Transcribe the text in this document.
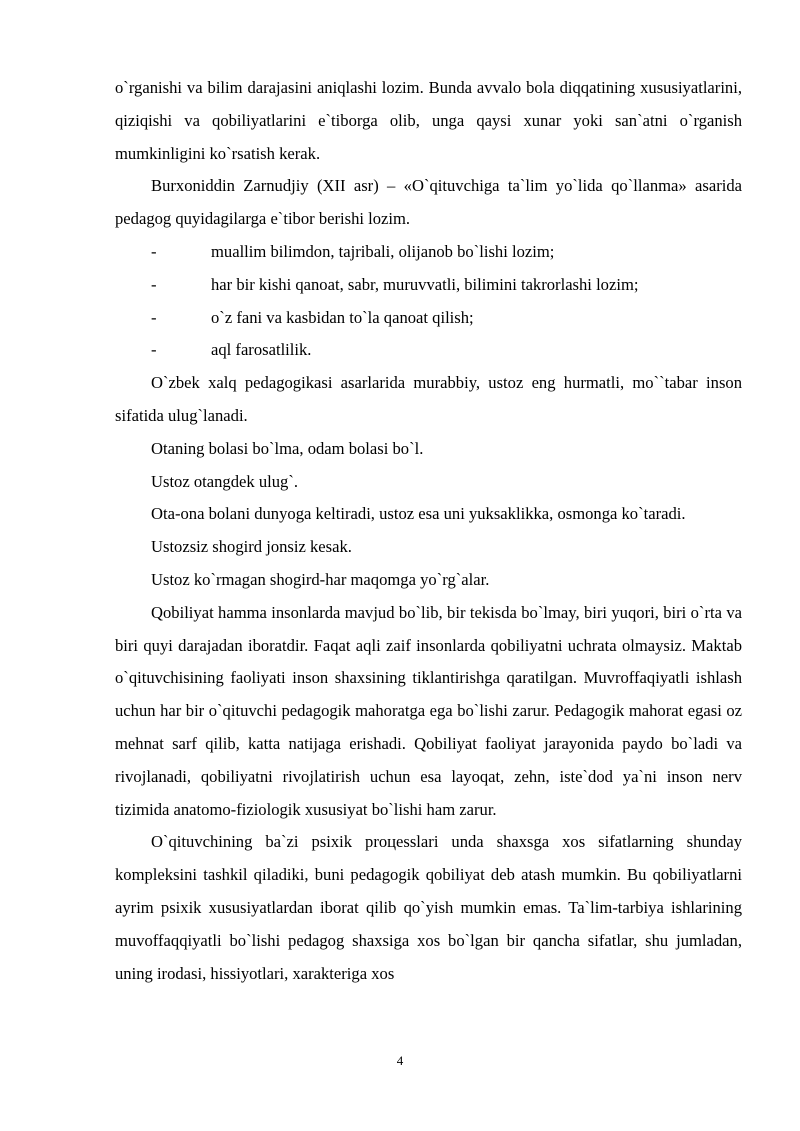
o`rganishi va bilim darajasini aniqlashi lozim. Bunda avvalo bola diqqatining xususiyatlarini, qiziqishi va qobiliyatlarini e`tiborga olib, unga qaysi xunar yoki san`atni o`rganish mumkinligini ko`rsatish kerak.

Burxoniddin Zarnudjiy (XII asr) – «O`qituvchiga ta`lim yo`lida qo`llanma» asarida pedagog quyidagilarga e`tibor berishi lozim.

-	muallim bilimdon, tajribali, olijanob bo`lishi lozim;
-	har bir kishi qanoat, sabr, muruvvatli, bilimini takrorlashi lozim;
-	o`z fani va kasbidan to`la qanoat qilish;
-	aql farosatlilik.

O`zbek xalq pedagogikasi asarlarida murabbiy, ustoz eng hurmatli, mo``tabar inson sifatida ulug`lanadi.

Otaning bolasi bo`lma, odam bolasi bo`l.

Ustoz otangdek ulug`.

Ota-ona bolani dunyoga keltiradi, ustoz esa uni yuksaklikka, osmonga ko`taradi.

Ustozsiz shogird jonsiz kesak.

Ustoz ko`rmagan shogird-har maqomga yo`rg`alar.

Qobiliyat hamma insonlarda mavjud bo`lib, bir tekisda bo`lmay, biri yuqori, biri o`rta va biri quyi darajadan iboratdir. Faqat aqli zaif insonlarda qobiliyatni uchrata olmaysiz. Maktab o`qituvchisining faoliyati inson shaxsining tiklantirishga qaratilgan. Muvroffaqiyatli ishlash uchun har bir o`qituvchi pedagogik mahoratga ega bo`lishi zarur. Pedagogik mahorat egasi oz mehnat sarf qilib, katta natijaga erishadi. Qobiliyat faoliyat jarayonida paydo bo`ladi va rivojlanadi, qobiliyatni rivojlatirish uchun esa layoqat, zehn, iste`dod ya`ni inson nerv tizimida anatomo-fiziologik xususiyat bo`lishi ham zarur.

O`qituvchining ba`zi psixik proцesslari unda shaxsga xos sifatlarning shunday kompleksini tashkil qiladiki, buni pedagogik qobiliyat deb atash mumkin. Bu qobiliyatlarni ayrim psixik xususiyatlardan iborat qilib qo`yish mumkin emas. Ta`lim-tarbiya ishlarining muvoffaqqiyatli bo`lishi pedagog shaxsiga xos bo`lgan bir qancha sifatlar, shu jumladan, uning irodasi, hissiyotlari, xarakteriga xos

4
